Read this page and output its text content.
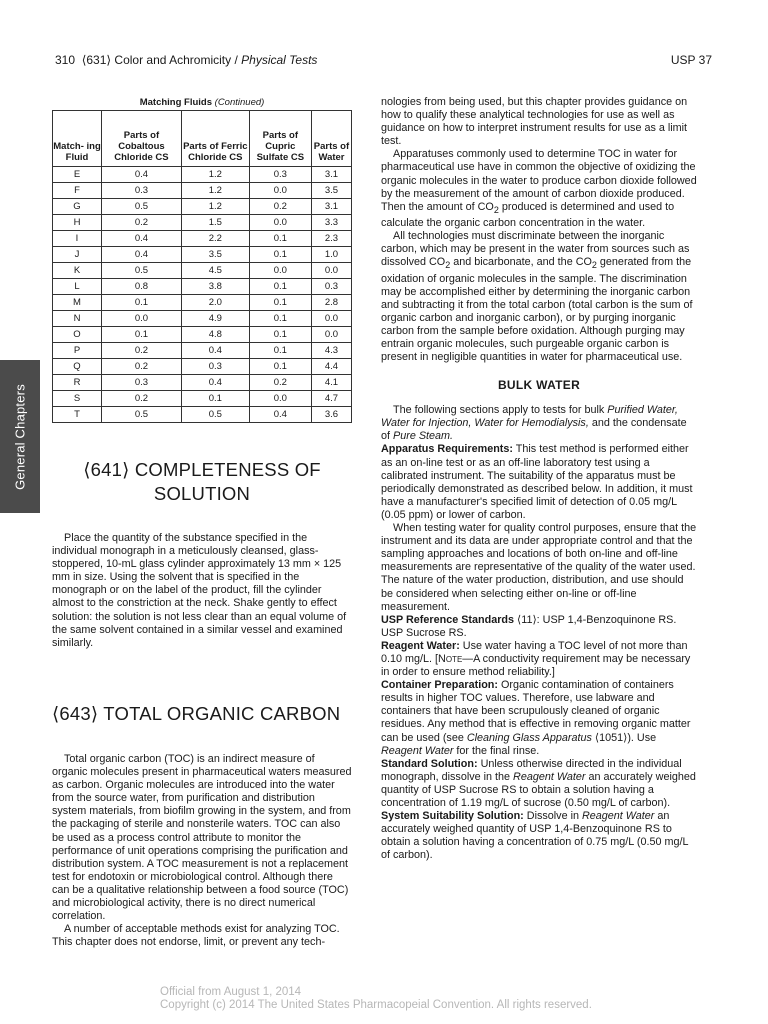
310 ⟨631⟩ Color and Achromicity / Physical Tests	USP 37
General Chapters
Matching Fluids (Continued)
Match- ing Fluid	Parts of Cobaltous Chloride CS	Parts of Ferric Chloride CS	Parts of Cupric Sulfate CS	Parts of Water
E	0.4	1.2	0.3	3.1
F	0.3	1.2	0.0	3.5
G	0.5	1.2	0.2	3.1
H	0.2	1.5	0.0	3.3
I	0.4	2.2	0.1	2.3
J	0.4	3.5	0.1	1.0
K	0.5	4.5	0.0	0.0
L	0.8	3.8	0.1	0.3
M	0.1	2.0	0.1	2.8
N	0.0	4.9	0.1	0.0
O	0.1	4.8	0.1	0.0
P	0.2	0.4	0.1	4.3
Q	0.2	0.3	0.1	4.4
R	0.3	0.4	0.2	4.1
S	0.2	0.1	0.0	4.7
T	0.5	0.5	0.4	3.6
⟨641⟩ COMPLETENESS OF SOLUTION

Place the quantity of the substance specified in the individual monograph in a meticulously cleansed, glass-stoppered, 10-mL glass cylinder approximately 13 mm × 125 mm in size. Using the solvent that is specified in the monograph or on the label of the product, fill the cylinder almost to the constriction at the neck. Shake gently to effect solution: the solution is not less clear than an equal volume of the same solvent contained in a similar vessel and examined similarly.

⟨643⟩ TOTAL ORGANIC CARBON

Total organic carbon (TOC) is an indirect measure of organic molecules present in pharmaceutical waters measured as carbon. Organic molecules are introduced into the water from the source water, from purification and distribution system materials, from biofilm growing in the system, and from the packaging of sterile and nonsterile waters. TOC can also be used as a process control attribute to monitor the performance of unit operations comprising the purification and distribution system. A TOC measurement is not a replacement test for endotoxin or microbiological control. Although there can be a qualitative relationship between a food source (TOC) and microbiological activity, there is no direct numerical correlation.

A number of acceptable methods exist for analyzing TOC. This chapter does not endorse, limit, or prevent any tech-

nologies from being used, but this chapter provides guidance on how to qualify these analytical technologies for use as well as guidance on how to interpret instrument results for use as a limit test.

Apparatuses commonly used to determine TOC in water for pharmaceutical use have in common the objective of oxidizing the organic molecules in the water to produce carbon dioxide followed by the measurement of the amount of carbon dioxide produced. Then the amount of $CO_2$ produced is determined and used to calculate the organic carbon concentration in the water.

All technologies must discriminate between the inorganic carbon, which may be present in the water from sources such as dissolved $CO_2$ and bicarbonate, and the $CO_2$ generated from the oxidation of organic molecules in the sample. The discrimination may be accomplished either by determining the inorganic carbon and subtracting it from the total carbon (total carbon is the sum of organic carbon and inorganic carbon), or by purging inorganic carbon from the sample before oxidation. Although purging may entrain organic molecules, such purgeable organic carbon is present in negligible quantities in water for pharmaceutical use.

BULK WATER

The following sections apply to tests for bulk Purified Water, Water for Injection, Water for Hemodialysis, and the condensate of Pure Steam.

Apparatus Requirements: This test method is performed either as an on-line test or as an off-line laboratory test using a calibrated instrument. The suitability of the apparatus must be periodically demonstrated as described below. In addition, it must have a manufacturer's specified limit of detection of 0.05 mg/L (0.05 ppm) or lower of carbon.

When testing water for quality control purposes, ensure that the instrument and its data are under appropriate control and that the sampling approaches and locations of both on-line and off-line measurements are representative of the quality of the water used. The nature of the water production, distribution, and use should be considered when selecting either on-line or off-line measurement.

USP Reference Standards ⟨11⟩: USP 1,4-Benzoquinone RS. USP Sucrose RS.

Reagent Water: Use water having a TOC level of not more than 0.10 mg/L. [Note—A conductivity requirement may be necessary in order to ensure method reliability.]

Container Preparation: Organic contamination of containers results in higher TOC values. Therefore, use labware and containers that have been scrupulously cleaned of organic residues. Any method that is effective in removing organic matter can be used (see Cleaning Glass Apparatus ⟨1051⟩). Use Reagent Water for the final rinse.

Standard Solution: Unless otherwise directed in the individual monograph, dissolve in the Reagent Water an accurately weighed quantity of USP Sucrose RS to obtain a solution having a concentration of 1.19 mg/L of sucrose (0.50 mg/L of carbon).

System Suitability Solution: Dissolve in Reagent Water an accurately weighed quantity of USP 1,4-Benzoquinone RS to obtain a solution having a concentration of 0.75 mg/L (0.50 mg/L of carbon).

Official from August 1, 2014
Copyright (c) 2014 The United States Pharmacopeial Convention. All rights reserved.
